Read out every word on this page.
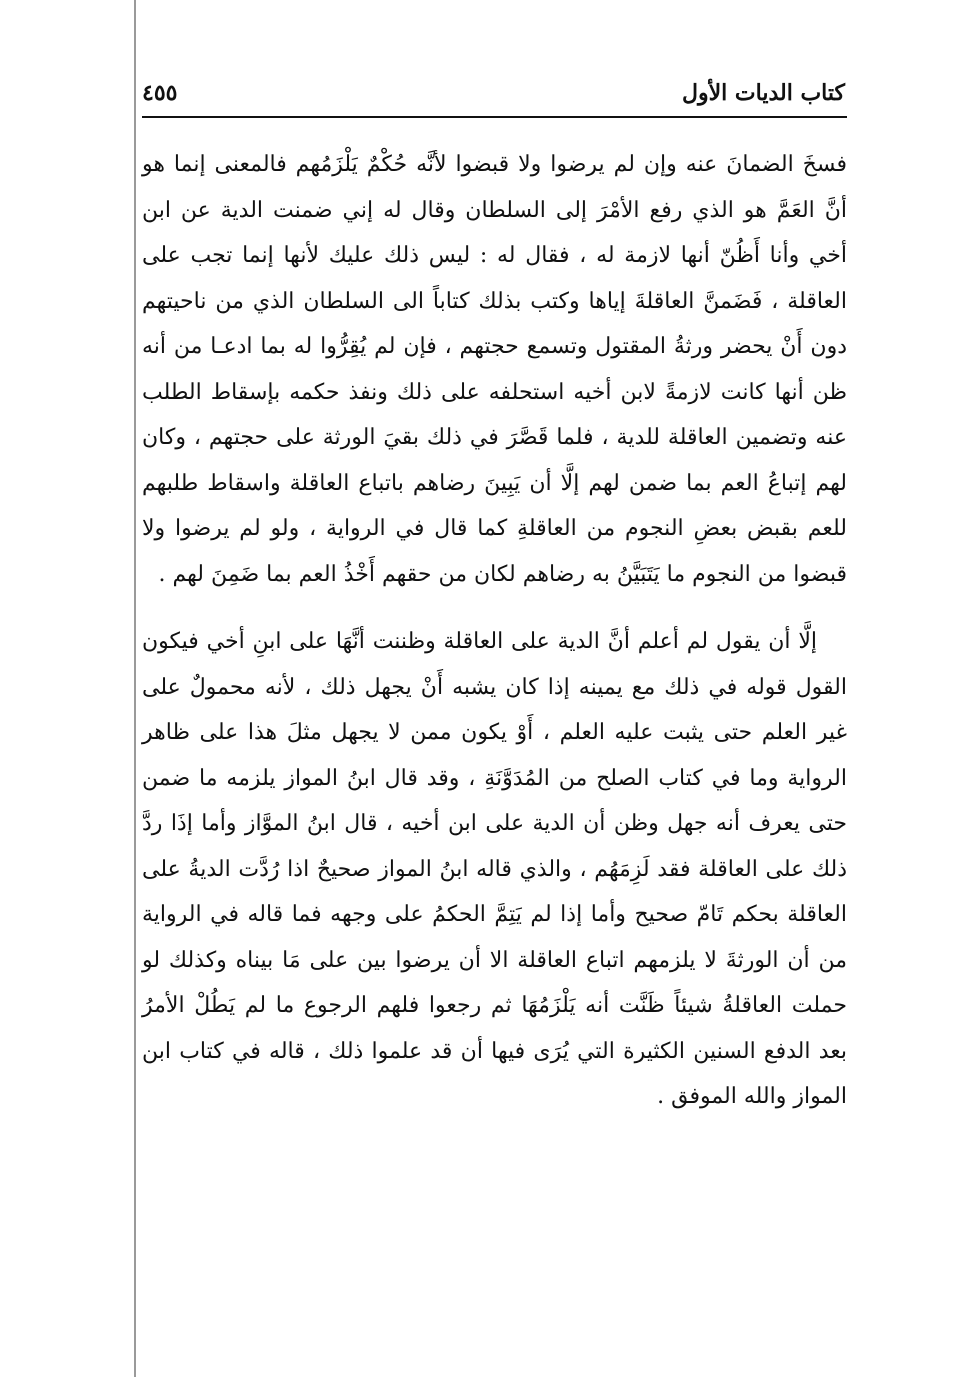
كتاب الديات الأول
٤٥٥

فسخَ الضمانَ عنه وإن لم يرضوا ولا قبضوا لأنَّه حُكْمٌ يَلْزَمُهم فالمعنى إنما هو أنَّ العَمَّ هو الذي رفع الأمْرَ إلى السلطان وقال له إني ضمنت الدية عن ابن أخي وأنا أَظُنّ أنها لازمة له ، فقال له : ليس ذلك عليك لأنها إنما تجب على العاقلة ، فَضَمنَّ العاقلةَ إياها وكتب بذلك كتاباً الى السلطان الذي من ناحيتهم دون أَنْ يحضر ورثةُ المقتول وتسمع حجتهم ، فإن لم يُقِرُّوا له بما ادعـا من أنه ظن أنها كانت لازمةً لابن أخيه استحلفه على ذلك ونفذ حكمه بإسقاط الطلب عنه وتضمين العاقلة للدية ، فلما قَصَّرَ في ذلك بقيَ الورثة على حجتهم ، وكان لهم إتباعُ العم بما ضمن لهم إلَّا أن يَبِينَ رضاهم باتباع العاقلة واسقاط طلبهم للعم بقبض بعضِ النجوم من العاقلةِ كما قال في الرواية ، ولو لم يرضوا ولا قبضوا من النجوم ما يَتَبَيَّنُ به رضاهم لكان من حقهم أَخْذُ العم بما ضَمِنَ لهم .

إلَّا أن يقول لم أعلم أنَّ الدية على العاقلة وظننت أنَّهَا على ابنِ أخي فيكون القول قوله في ذلك مع يمينه إذا كان يشبه أَنْ يجهل ذلك ، لأنه محمولٌ على غير العلم حتى يثبت عليه العلم ، أَوْ يكون ممن لا يجهل مثلَ هذا على ظاهر الرواية وما في كتاب الصلح من المُدَوَّنَةِ ، وقد قال ابنُ المواز يلزمه ما ضمن حتى يعرف أنه جهل وظن أن الدية على ابن أخيه ، قال ابنُ الموَّاز وأما إذَا ردَّ ذلك على العاقلة فقد لَزِمَهُم ، والذي قاله ابنُ المواز صحيحٌ اذا رُدَّت الديةُ على العاقلة بحكم تَامّ صحيح وأما إذا لم يَتِمَّ الحكمُ على وجهه فما قاله في الرواية من أن الورثةَ لا يلزمهم اتباع العاقلة الا أن يرضوا بين على مَا بيناه وكذلك لو حملت العاقلةُ شيئاً ظَنَّت أنه يَلْزَمُهَا ثم رجعوا فلهم الرجوع ما لم يَطُلْ الأمرُ بعد الدفع السنين الكثيرة التي يُرَى فيها أن قد علموا ذلك ، قاله في كتاب ابن المواز والله الموفق .
